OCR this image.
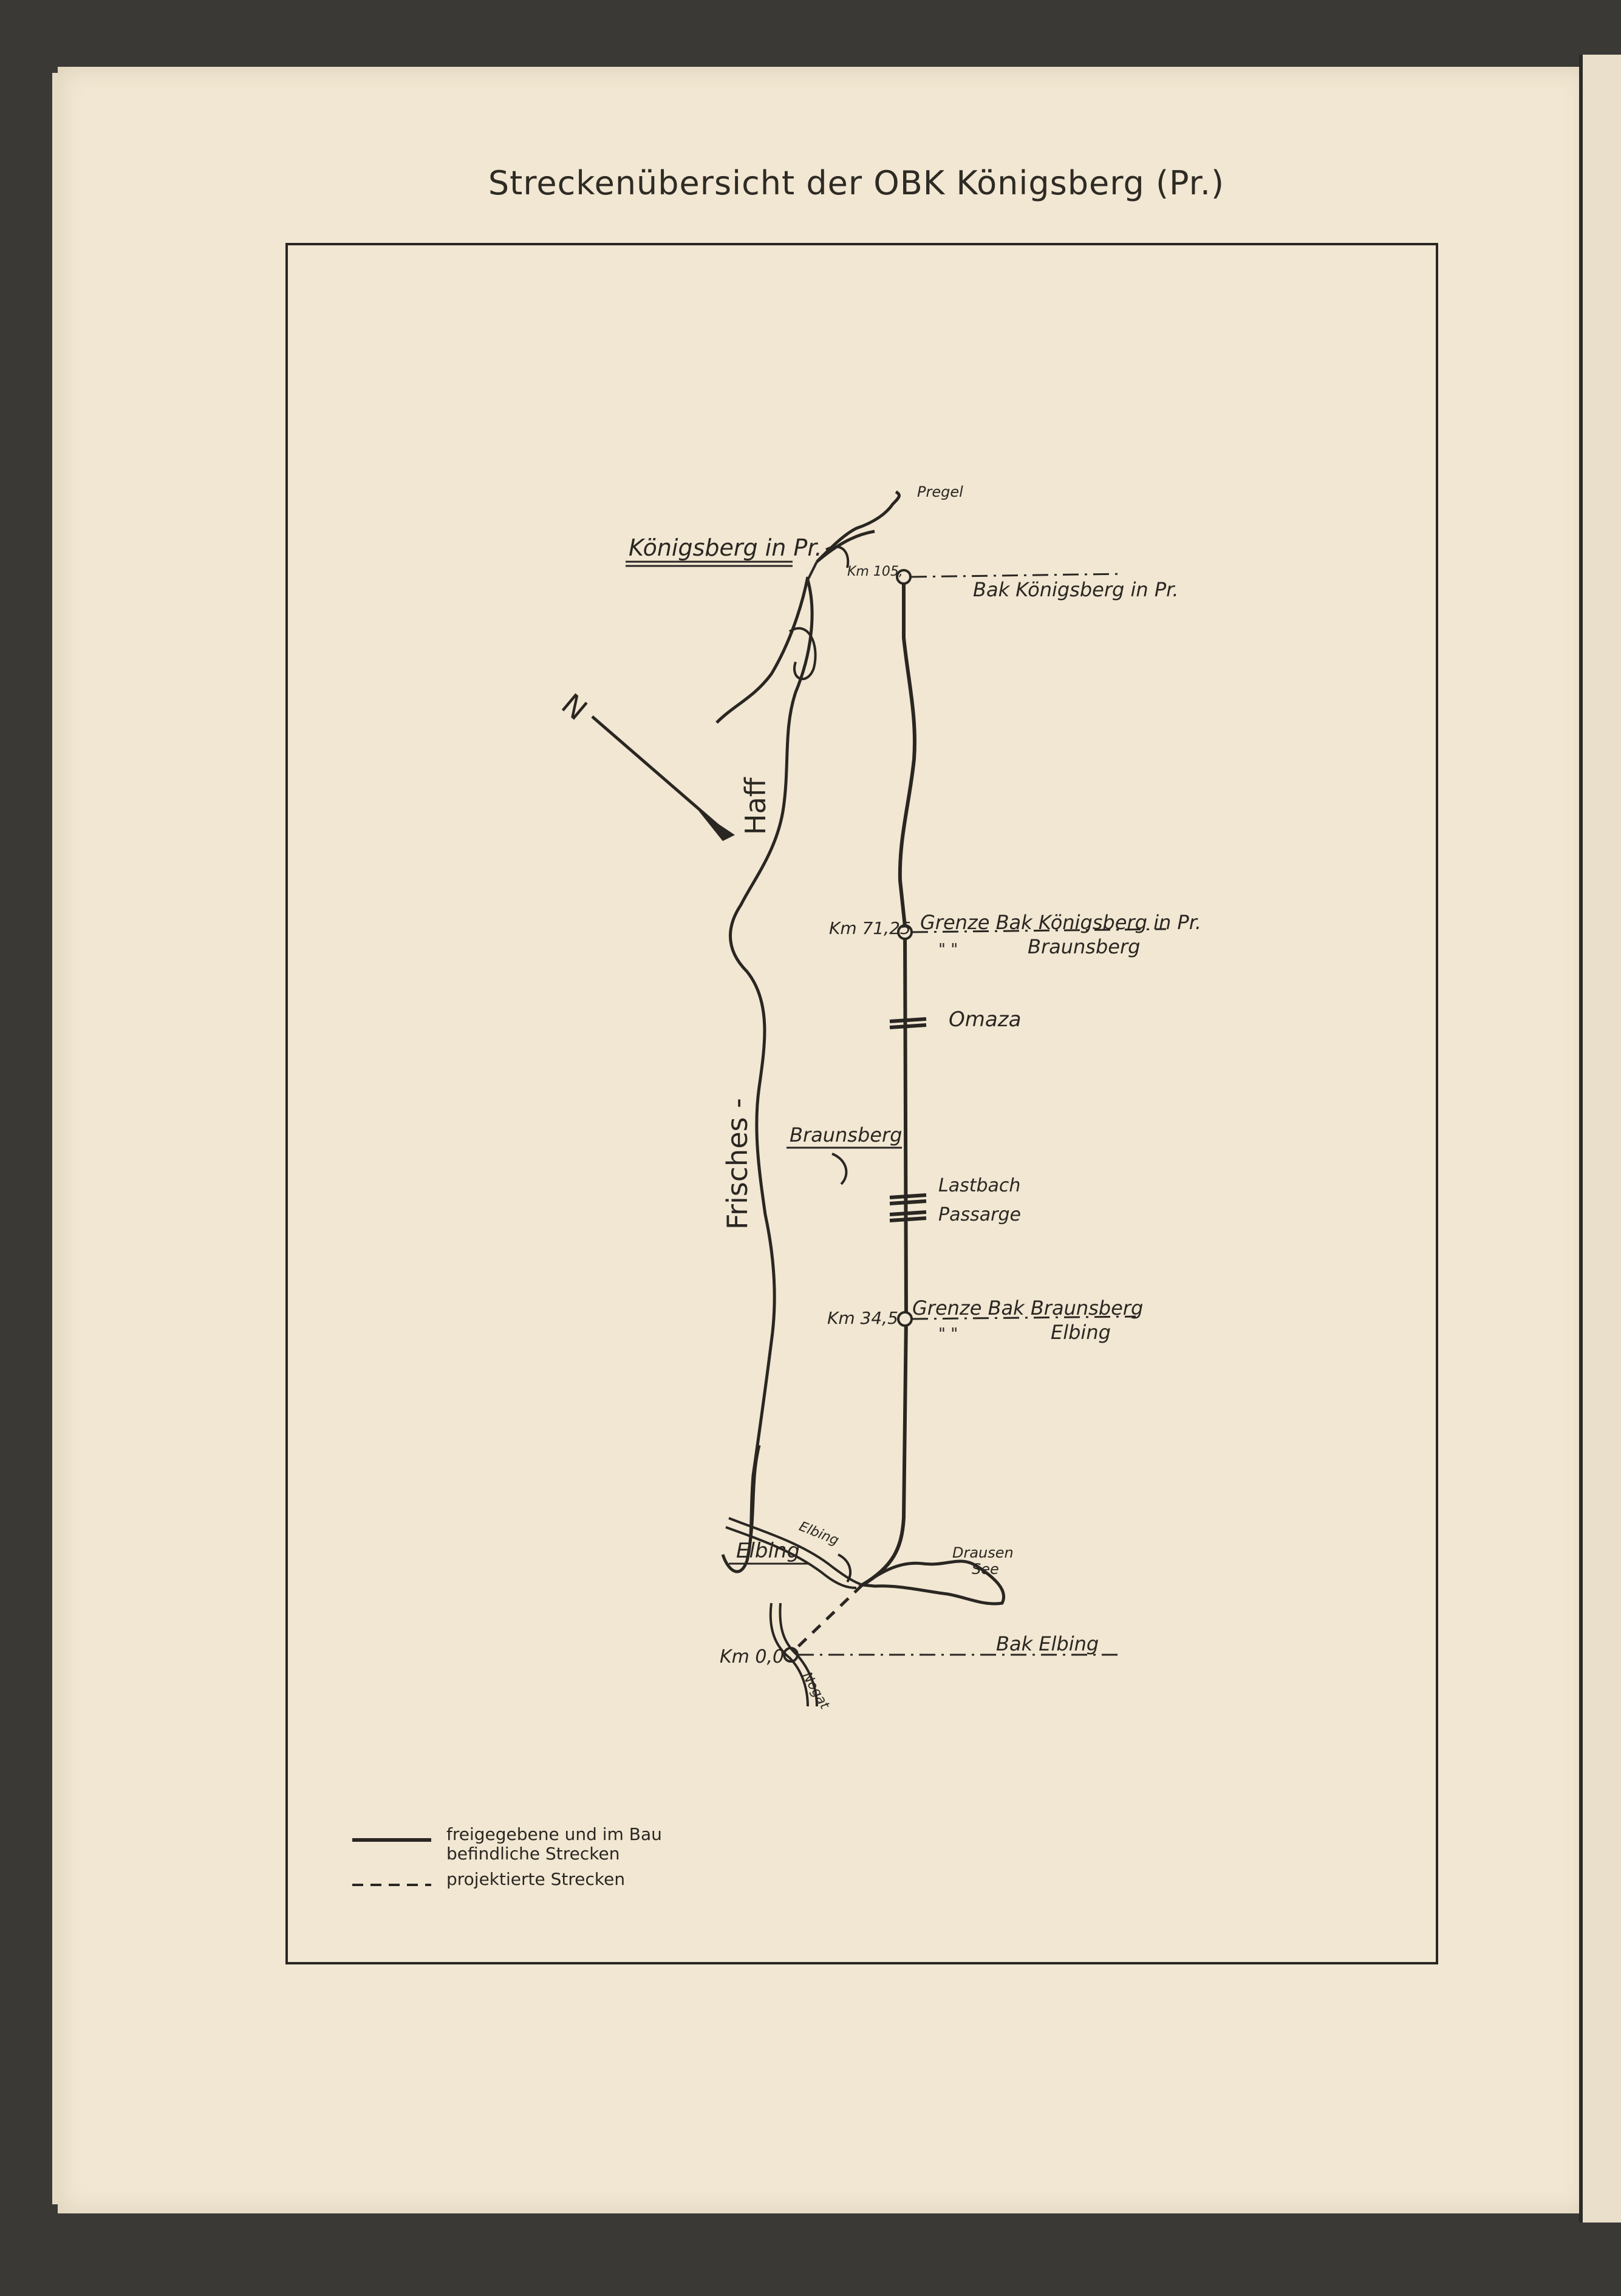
Streckenübersicht der OBK Königsberg (Pr.)
N
Königsberg in Pr.
Pregel
Braunsberg
Elbing
Elbing
Nogat
Drausen
See
Haff
Frisches -
Km 105,
Km 71,25
Km 34,5
Km 0,0
Bak Königsberg in Pr.
Grenze Bak Königsberg in Pr.
" "	Braunsberg
Grenze Bak Braunsberg
" "	Elbing
Bak Elbing
Omaza
Lastbach
Passarge
freigegebene und im Bau befindliche Strecken
projektierte Strecken
